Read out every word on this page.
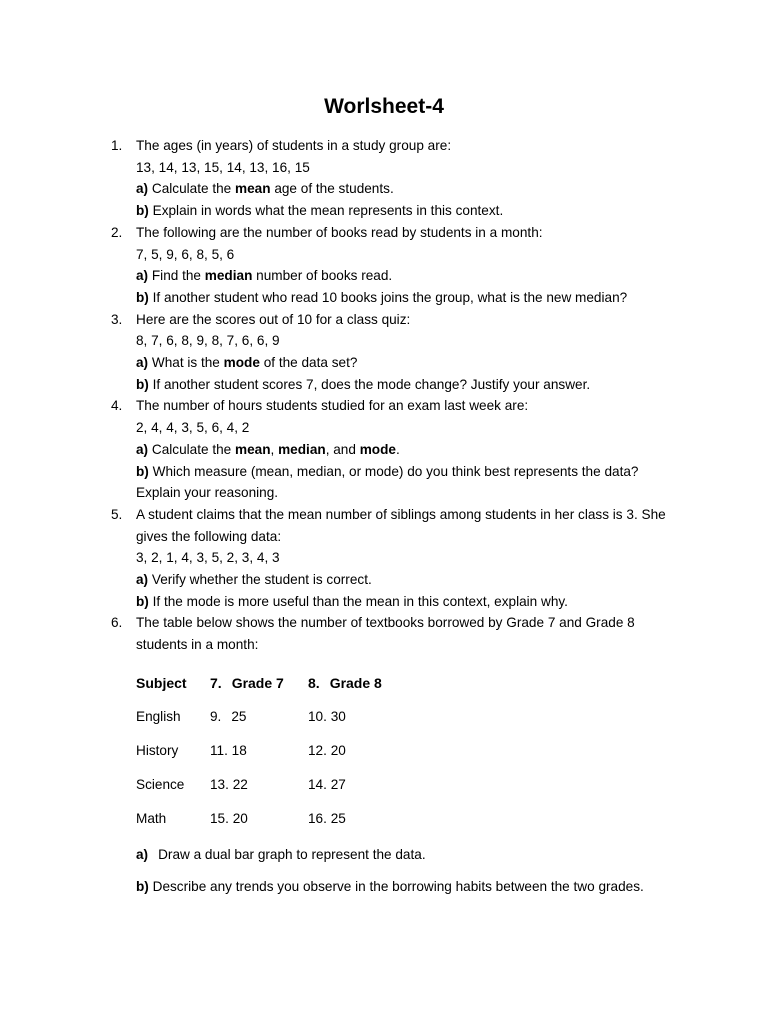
Worlsheet-4
1.	The ages (in years) of students in a study group are:
13, 14, 13, 15, 14, 13, 16, 15
a) Calculate the mean age of the students.
b) Explain in words what the mean represents in this context.
2.	The following are the number of books read by students in a month:
7, 5, 9, 6, 8, 5, 6
a) Find the median number of books read.
b) If another student who read 10 books joins the group, what is the new median?
3.	Here are the scores out of 10 for a class quiz:
8, 7, 6, 8, 9, 8, 7, 6, 6, 9
a) What is the mode of the data set?
b) If another student scores 7, does the mode change? Justify your answer.
4.	The number of hours students studied for an exam last week are:
2, 4, 4, 3, 5, 6, 4, 2
a) Calculate the mean, median, and mode.
b) Which measure (mean, median, or mode) do you think best represents the data?
Explain your reasoning.
5.	A student claims that the mean number of siblings among students in her class is 3. She
gives the following data:
3, 2, 1, 4, 3, 5, 2, 3, 4, 3
a) Verify whether the student is correct.
b) If the mode is more useful than the mean in this context, explain why.
6.	The table below shows the number of textbooks borrowed by Grade 7 and Grade 8
students in a month:
Subject 7. Grade 7 8. Grade 8
English 9. 25	10. 30
History 11. 18	12. 20
Science 13. 22	14. 27
Math	15. 20	16. 25
a) Draw a dual bar graph to represent the data.
b) Describe any trends you observe in the borrowing habits between the two grades.
